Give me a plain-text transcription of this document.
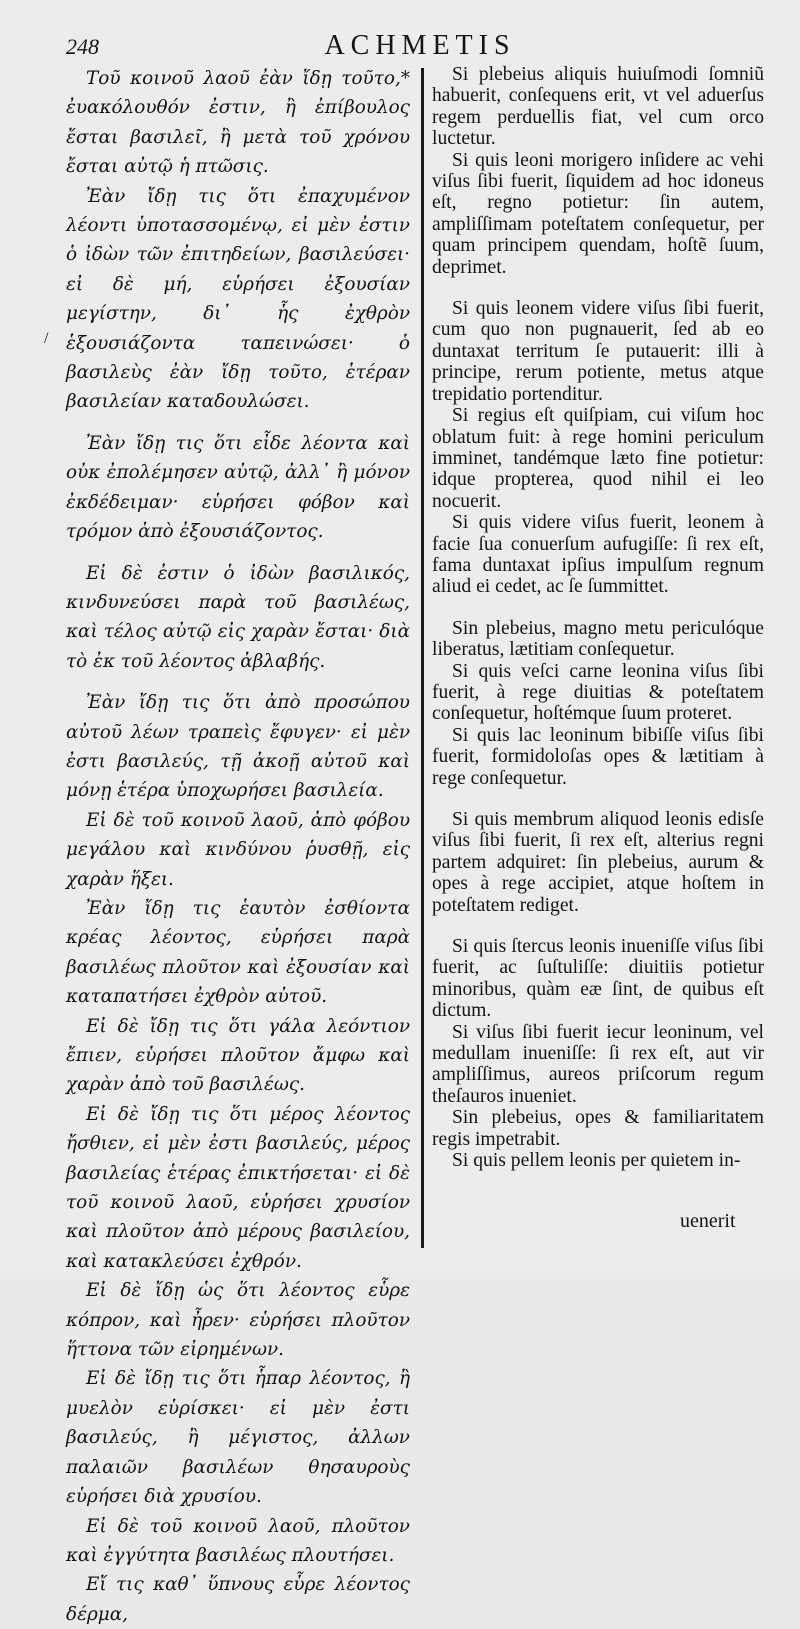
248	ACHMETIS
/

Τοῦ κοινοῦ λαοῦ ἐὰν ἴδῃ τοῦτο,* ἐυακόλουθόν ἐστιν, ἢ ἐπίβουλος ἔσται βασιλεῖ, ἢ μετὰ τοῦ χρόνου ἔσται αὐτῷ ἡ πτῶσις.

Ἐὰν ἴδῃ τις ὅτι ἐπαχυμένον λέοντι ὑποτασσομένῳ, εἰ μὲν ἐστιν ὁ ἰδὼν τῶν ἐπιτηδείων, βασιλεύσει· εἰ δὲ μή, εὑρήσει ἐξουσίαν μεγίστην, δι᾽ ἧς ἐχθρὸν ἑξουσιάζοντα ταπεινώσει· ὁ βασιλεὺς ἐὰν ἴδῃ τοῦτο, ἑτέραν βασιλείαν καταδουλώσει.

Ἐὰν ἴδῃ τις ὅτι εἶδε λέοντα καὶ οὐκ ἐπολέμησεν αὐτῷ, ἀλλ᾽ ἢ μόνον ἐκδέδειμαν· εὑρήσει φόβον καὶ τρόμον ἀπὸ ἐξουσιάζοντος.

Εἰ δὲ ἐστιν ὁ ἰδὼν βασιλικός, κινδυνεύσει παρὰ τοῦ βασιλέως, καὶ τέλος αὐτῷ εἰς χαρὰν ἔσται· διὰ τὸ ἐκ τοῦ λέοντος ἀβλαβής.

Ἐὰν ἴδῃ τις ὅτι ἀπὸ προσώπου αὐτοῦ λέων τραπεὶς ἔφυγεν· εἰ μὲν ἐστι βασιλεύς, τῇ ἀκοῇ αὐτοῦ καὶ μόνῃ ἑτέρα ὑποχωρήσει βασιλεία.

Εἰ δὲ τοῦ κοινοῦ λαοῦ, ἀπὸ φόβου μεγάλου καὶ κινδύνου ῥυσθῇ, εἰς χαρὰν ἥξει.

Ἐὰν ἴδῃ τις ἑαυτὸν ἐσθίοντα κρέας λέοντος, εὑρήσει παρὰ βασιλέως πλοῦτον καὶ ἐξουσίαν καὶ καταπατήσει ἐχθρὸν αὐτοῦ.

Εἰ δὲ ἴδῃ τις ὅτι γάλα λεόντιον ἔπιεν, εὑρήσει πλοῦτον ἄμφω καὶ χαρὰν ἀπὸ τοῦ βασιλέως.

Εἰ δὲ ἴδῃ τις ὅτι μέρος λέοντος ἤσθιεν, εἰ μὲν ἐστι βασιλεύς, μέρος βασιλείας ἑτέρας ἐπικτήσεται· εἰ δὲ τοῦ κοινοῦ λαοῦ, εὑρήσει χρυσίον καὶ πλοῦτον ἀπὸ μέρους βασιλείου, καὶ κατακλεύσει ἐχθρόν.

Εἰ δὲ ἴδῃ ὡς ὅτι λέοντος εὗρε κόπρον, καὶ ἦρεν· εὑρήσει πλοῦτον ἥττονα τῶν εἰρημένων.

Εἰ δὲ ἴδῃ τις ὅτι ἧπαρ λέοντος, ἢ μυελὸν εὑρίσκει· εἰ μὲν ἐστι βασιλεύς, ἢ μέγιστος, ἀλλων παλαιῶν βασιλέων θησαυροὺς εὑρήσει διὰ χρυσίου.

Εἰ δὲ τοῦ κοινοῦ λαοῦ, πλοῦτον καὶ ἐγγύτητα βασιλέως πλουτήσει.

Εἴ τις καθ᾽ ὕπνους εὗρε λέοντος δέρμα,

Si plebeius aliquis huiuſmodi ſomniũ habuerit, conſequens erit, vt vel aduerſus regem perduellis fiat, vel cum orco luctetur.

Si quis leoni morigero inſidere ac vehi viſus ſibi fuerit, ſiquidem ad hoc idoneus eſt, regno potietur: ſin autem, ampliſſimam poteſtatem conſequetur, per quam principem quendam, hoſtẽ ſuum, deprimet.

Si quis leonem videre viſus ſibi fuerit, cum quo non pugnauerit, ſed ab eo duntaxat territum ſe putauerit: illi à principe, rerum potiente, metus atque trepidatio portenditur.

Si regius eſt quiſpiam, cui viſum hoc oblatum fuit: à rege homini periculum imminet, tandémque læto fine potietur: idque propterea, quod nihil ei leo nocuerit.

Si quis videre viſus fuerit, leonem à facie ſua conuerſum aufugiſſe: ſi rex eſt, fama duntaxat ipſius impulſum regnum aliud ei cedet, ac ſe ſummittet.

Sin plebeius, magno metu periculóque liberatus, lætitiam conſequetur.

Si quis veſci carne leonina viſus ſibi fuerit, à rege diuitias & poteſtatem conſequetur, hoſtémque ſuum proteret.

Si quis lac leoninum bibiſſe viſus ſibi fuerit, formidoloſas opes & lætitiam à rege conſequetur.

Si quis membrum aliquod leonis edisſe viſus ſibi fuerit, ſi rex eſt, alterius regni partem adquiret: ſin plebeius, aurum & opes à rege accipiet, atque hoſtem in poteſtatem rediget.

Si quis ſtercus leonis inueniſſe viſus ſibi fuerit, ac ſuſtuliſſe: diuitiis potietur minoribus, quàm eæ ſint, de quibus eſt dictum.

Si viſus ſibi fuerit iecur leoninum, vel medullam inueniſſe: ſi rex eſt, aut vir ampliſſimus, aureos priſcorum regum theſauros inueniet.

Sin plebeius, opes & familiaritatem regis impetrabit.

Si quis pellem leonis per quietem in-

uenerit
